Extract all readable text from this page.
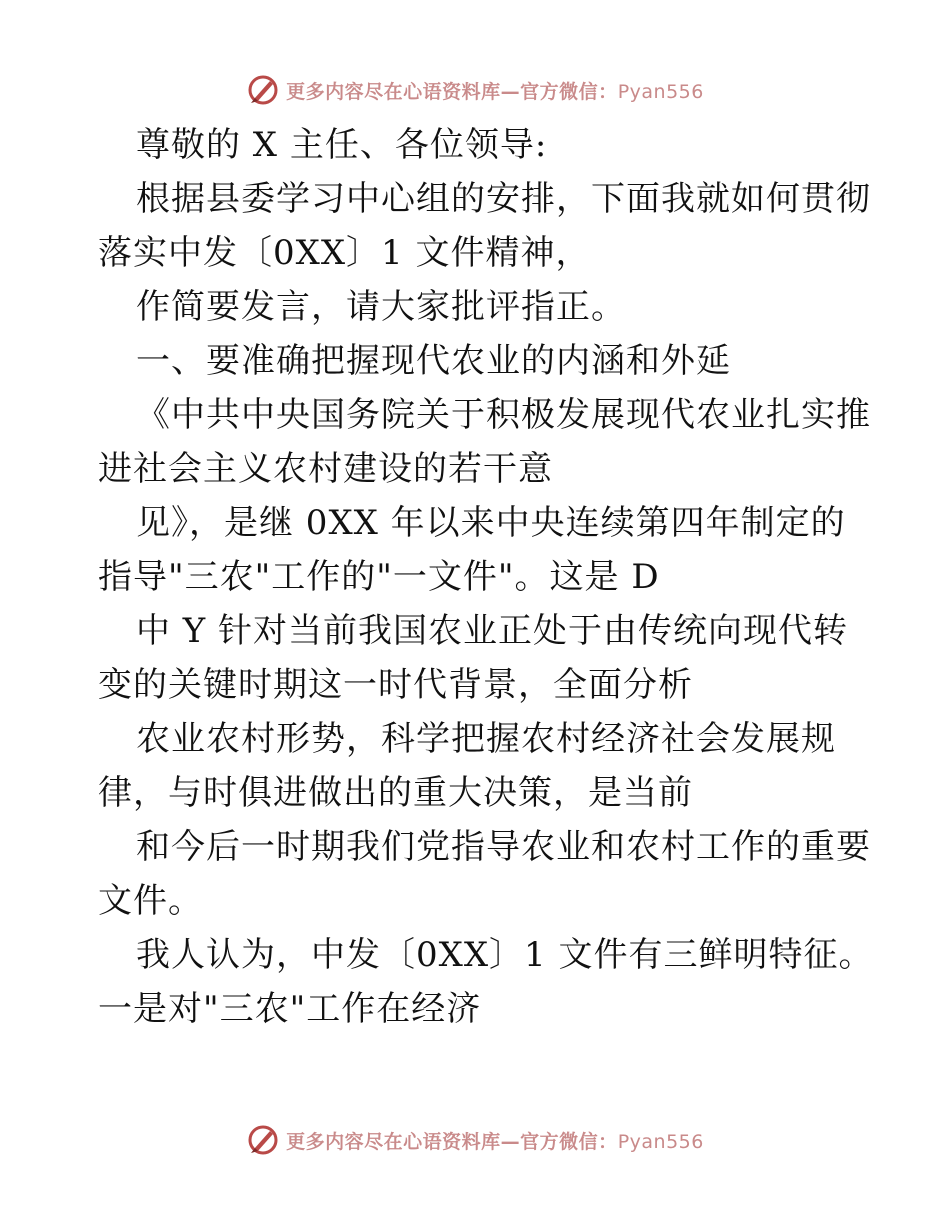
更多内容尽在心语资料库—官方微信：Pyan556
尊敬的 X 主任、各位领导:
根据县委学习中心组的安排，下面我就如何贯彻
落实中发〔0XX〕1 文件精神，
作简要发言，请大家批评指正。
一、要准确把握现代农业的内涵和外延
《中共中央国务院关于积极发展现代农业扎实推
进社会主义农村建设的若干意
见》，是继 0XX 年以来中央连续第四年制定的
指导"三农"工作的"一文件"。这是 D
中 Y 针对当前我国农业正处于由传统向现代转
变的关键时期这一时代背景，全面分析
农业农村形势，科学把握农村经济社会发展规
律，与时俱进做出的重大决策，是当前
和今后一时期我们党指导农业和农村工作的重要
文件。
我人认为，中发〔0XX〕1 文件有三鲜明特征。
一是对"三农"工作在经济
更多内容尽在心语资料库—官方微信：Pyan556
